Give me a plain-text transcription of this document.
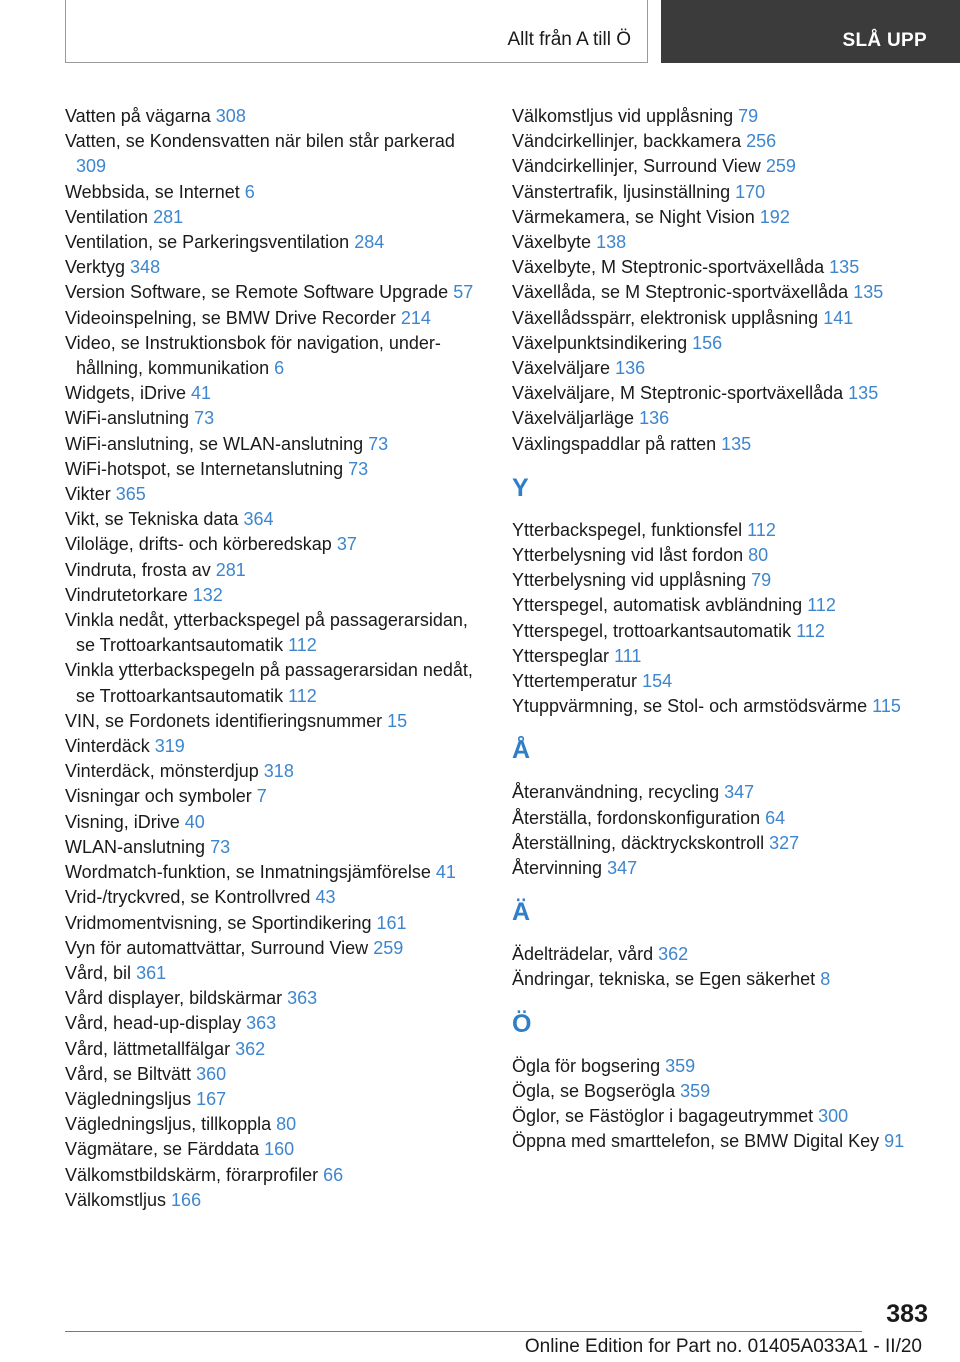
Allt från A till Ö	SLÅ UPP
Vatten på vägarna 308
Vatten, se Kondensvatten när bilen står parkerad 309
Webbsida, se Internet 6
Ventilation 281
Ventilation, se Parkeringsventilation 284
Verktyg 348
Version Software, se Remote Software Upgrade 57
Videoinspelning, se BMW Drive Recorder 214
Video, se Instruktionsbok för navigation, underhållning, kommunikation 6
Widgets, iDrive 41
WiFi-anslutning 73
WiFi-anslutning, se WLAN-anslutning 73
WiFi-hotspot, se Internetanslutning 73
Vikter 365
Vikt, se Tekniska data 364
Viloläge, drifts- och körberedskap 37
Vindruta, frosta av 281
Vindrutetorkare 132
Vinkla nedåt, ytterbackspegel på passagerarsidan, se Trottoarkantsautomatik 112
Vinkla ytterbackspegeln på passagerarsidan nedåt, se Trottoarkantsautomatik 112
VIN, se Fordonets identifieringsnummer 15
Vinterdäck 319
Vinterdäck, mönsterdjup 318
Visningar och symboler 7
Visning, iDrive 40
WLAN-anslutning 73
Wordmatch-funktion, se Inmatningsjämförelse 41
Vrid-/tryckvred, se Kontrollvred 43
Vridmomentvisning, se Sportindikering 161
Vyn för automattvättar, Surround View 259
Vård, bil 361
Vård displayer, bildskärmar 363
Vård, head-up-display 363
Vård, lättmetallfälgar 362
Vård, se Biltvätt 360
Vägledningsljus 167
Vägledningsljus, tillkoppla 80
Vägmätare, se Färddata 160
Välkomstbildskärm, förarprofiler 66
Välkomstljus 166
Välkomstljus vid upplåsning 79
Vändcirkellinjer, backkamera 256
Vändcirkellinjer, Surround View 259
Vänstertrafik, ljusinställning 170
Värmekamera, se Night Vision 192
Växelbyte 138
Växelbyte, M Steptronic-sportväxellåda 135
Växellåda, se M Steptronic-sportväxellåda 135
Växellådsspärr, elektronisk upplåsning 141
Växelpunktsindikering 156
Växelväljare 136
Växelväljare, M Steptronic-sportväxellåda 135
Växelväljarläge 136
Växlingspaddlar på ratten 135
Y
Ytterbackspegel, funktionsfel 112
Ytterbelysning vid låst fordon 80
Ytterbelysning vid upplåsning 79
Ytterspegel, automatisk avbländning 112
Ytterspegel, trottoarkantsautomatik 112
Ytterspeglar 111
Yttertemperatur 154
Ytuppvärmning, se Stol- och armstödsvärme 115
Å
Återanvändning, recycling 347
Återställa, fordonskonfiguration 64
Återställning, däcktryckskontroll 327
Återvinning 347
Ä
Ädelträdelar, vård 362
Ändringar, tekniska, se Egen säkerhet 8
Ö
Ögla för bogsering 359
Ögla, se Bogserögla 359
Öglor, se Fästöglor i bagageutrymmet 300
Öppna med smarttelefon, se BMW Digital Key 91
383
Online Edition for Part no. 01405A033A1 - II/20
